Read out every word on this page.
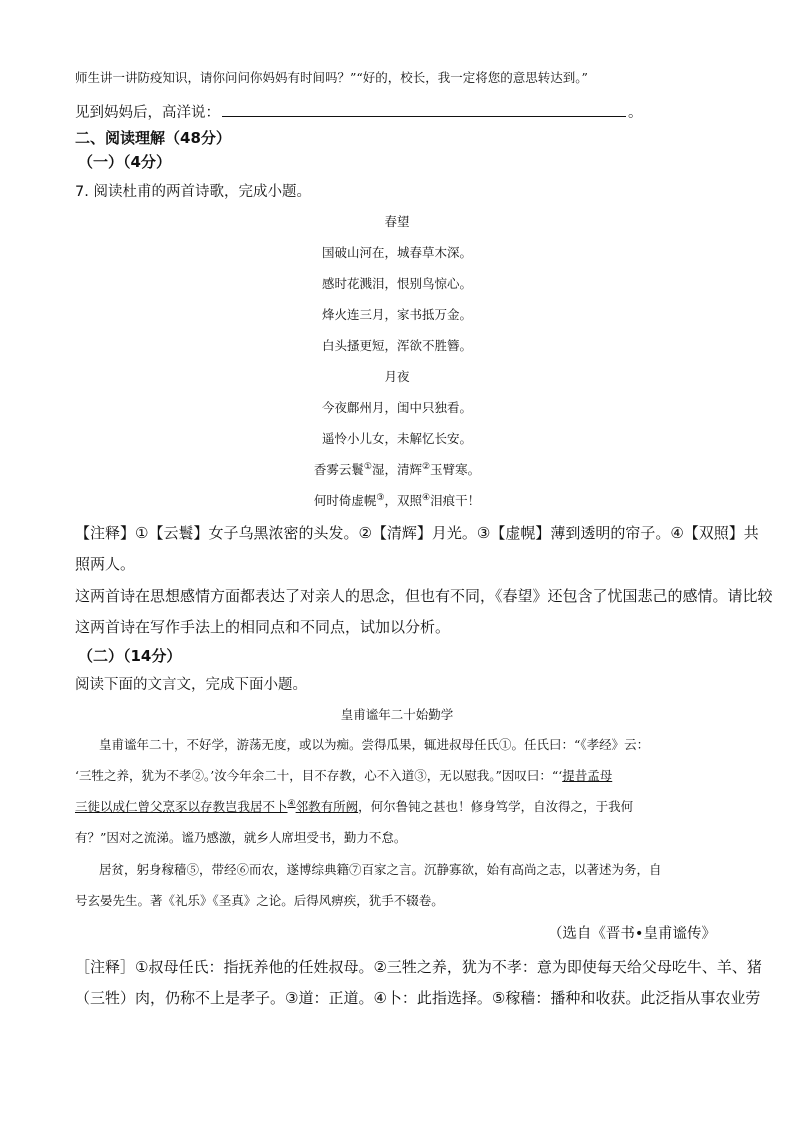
师生讲一讲防疫知识，请你问问你妈妈有时间吗？”“好的，校长，我一定将您的意思转达到。”

见到妈妈后，高洋说：	。

二、阅读理解（48分）

（一）（4分）

7. 阅读杜甫的两首诗歌，完成小题。

春望

国破山河在，城春草木深。

感时花溅泪，恨别鸟惊心。

烽火连三月，家书抵万金。

白头搔更短，浑欲不胜簪。

月夜

今夜鄜州月，闺中只独看。

遥怜小儿女，未解忆长安。

香雾云鬟①湿，清辉②玉臂寒。

何时倚虚幌③，双照④泪痕干！

【注释】①【云鬟】女子乌黑浓密的头发。②【清辉】月光。③【虚幌】薄到透明的帘子。④【双照】共

照两人。

这两首诗在思想感情方面都表达了对亲人的思念，但也有不同，《春望》还包含了忧国悲己的感情。请比较

这两首诗在写作手法上的相同点和不同点，试加以分析。

（二）（14分）

阅读下面的文言文，完成下面小题。

皇甫谧年二十始勤学

皇甫谧年二十，不好学，游荡无度，或以为痴。尝得瓜果，辄进叔母任氏①。任氏曰：“《孝经》云：

‘三牲之养，犹为不孝②。’汝今年余二十，目不存教，心不入道③，无以慰我。”因叹曰：“‘提昔孟母

三徙以成仁曾父烹豕以存教岂我居不卜④邻教有所阙，何尔鲁钝之甚也！修身笃学，自汝得之，于我何

有？”因对之流涕。谧乃感激，就乡人席坦受书，勤力不怠。

居贫，躬身稼穑⑤，带经⑥而农，遂博综典籍⑦百家之言。沉静寡欲，始有高尚之志，以著述为务，自

号玄晏先生。著《礼乐》《圣真》之论。后得风痹疾，犹手不辍卷。

（选自《晋书•皇甫谧传》

［注释］①叔母任氏：指抚养他的任姓叔母。②三牲之养，犹为不孝：意为即使每天给父母吃牛、羊、猪

（三牲）肉，仍称不上是孝子。③道：正道。④卜：此指选择。⑤稼穑：播种和收获。此泛指从事农业劳
